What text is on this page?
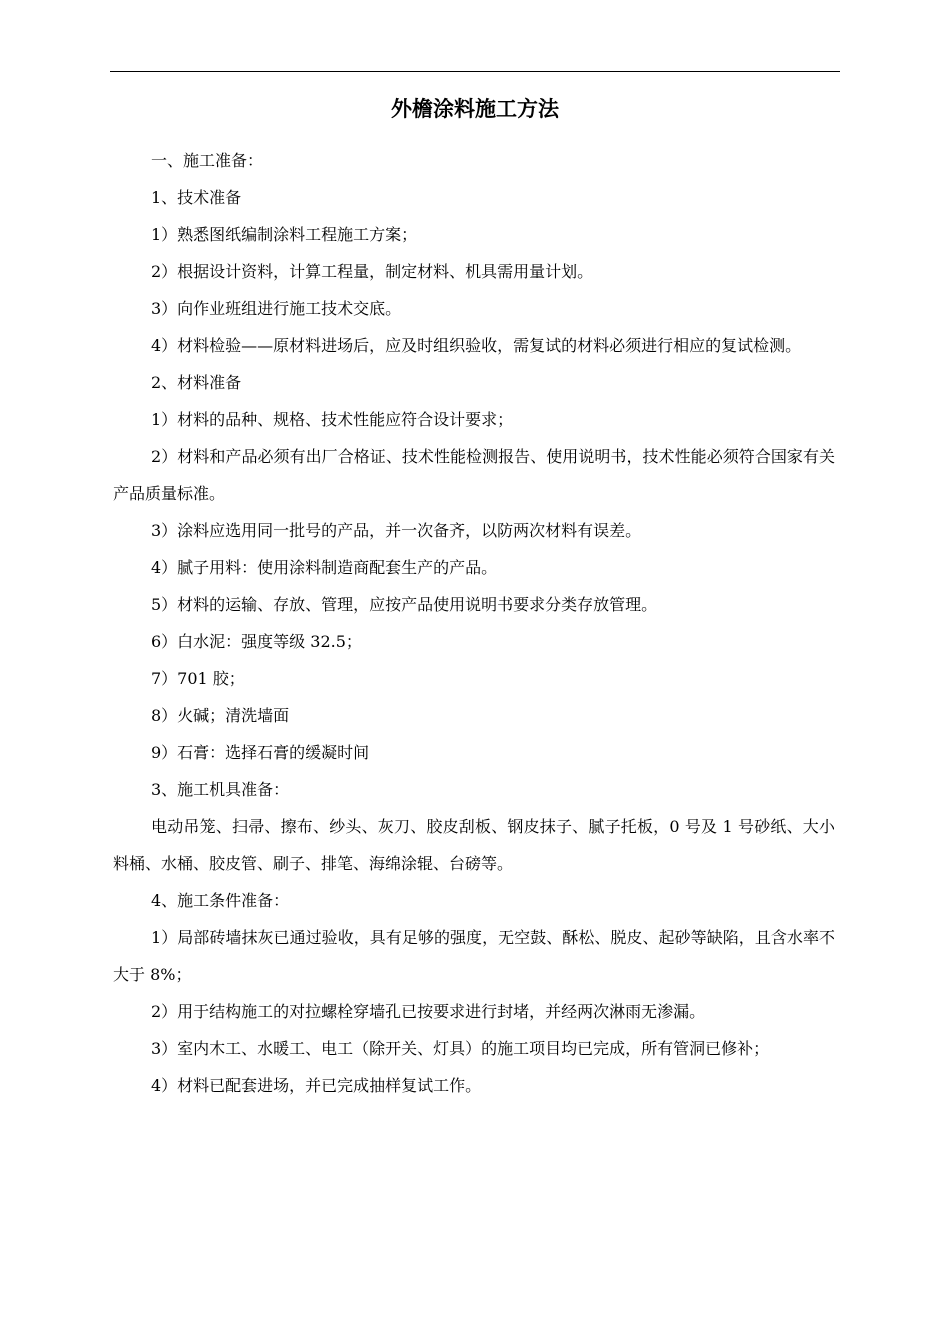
外檐涂料施工方法

一、施工准备：

1、技术准备

1）熟悉图纸编制涂料工程施工方案；

2）根据设计资料，计算工程量，制定材料、机具需用量计划。

3）向作业班组进行施工技术交底。

4）材料检验——原材料进场后，应及时组织验收，需复试的材料必须进行相应的复试检测。

2、材料准备

1）材料的品种、规格、技术性能应符合设计要求；

2）材料和产品必须有出厂合格证、技术性能检测报告、使用说明书，技术性能必须符合国家有关产品质量标准。

3）涂料应选用同一批号的产品，并一次备齐，以防两次材料有误差。

4）腻子用料：使用涂料制造商配套生产的产品。

5）材料的运输、存放、管理，应按产品使用说明书要求分类存放管理。

6）白水泥：强度等级 32.5；

7）701 胶；

8）火碱；清洗墙面

9）石膏：选择石膏的缓凝时间

3、施工机具准备：

电动吊笼、扫帚、擦布、纱头、灰刀、胶皮刮板、钢皮抹子、腻子托板，0 号及 1 号砂纸、大小料桶、水桶、胶皮管、刷子、排笔、海绵涂辊、台磅等。

4、施工条件准备：

1）局部砖墙抹灰已通过验收，具有足够的强度，无空鼓、酥松、脱皮、起砂等缺陷，且含水率不大于 8%；

2）用于结构施工的对拉螺栓穿墙孔已按要求进行封堵，并经两次淋雨无渗漏。

3）室内木工、水暖工、电工（除开关、灯具）的施工项目均已完成，所有管洞已修补；

4）材料已配套进场，并已完成抽样复试工作。
